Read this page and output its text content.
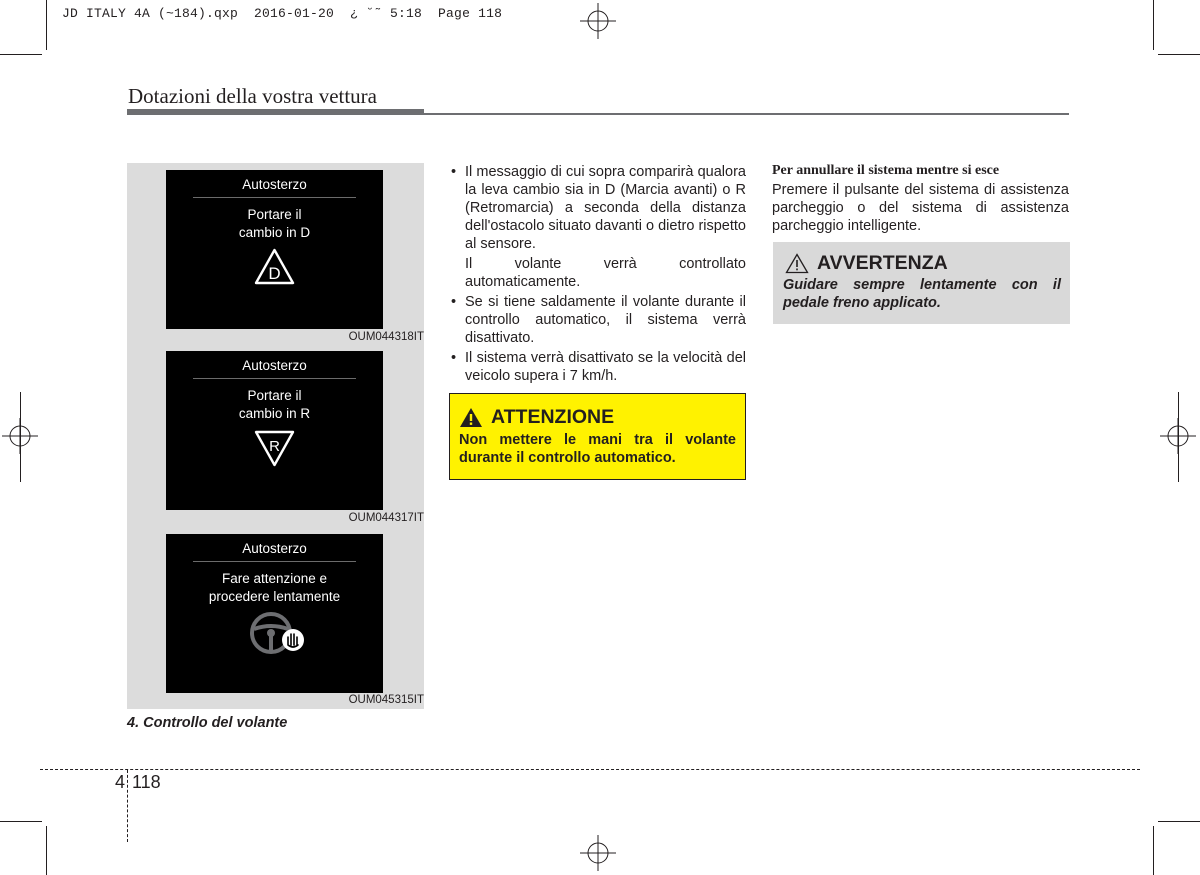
JD ITALY 4A (~184).qxp  2016-01-20  ¿ ˘˜ 5:18  Page 118
Dotazioni della vostra vettura
Autosterzo
Portare il
cambio in D
D
OUM044318IT
Autosterzo
Portare il
cambio in R
R
OUM044317IT
Autosterzo
Fare attenzione e
procedere lentamente
OUM045315IT
4. Controllo del volante
• Il messaggio di cui sopra comparirà qualora la leva cambio sia in D (Marcia avanti) o R (Retromarcia) a seconda della distanza dell'ostacolo situato davanti o dietro rispetto al sensore.
Il volante verrà controllato automaticamente.
• Se si tiene saldamente il volante durante il controllo automatico, il sistema verrà disattivato.
• Il sistema verrà disattivato se la velocità del veicolo supera i 7 km/h.
ATTENZIONE
Non mettere le mani tra il volante durante il controllo automatico.
Per annullare il sistema mentre si esce
Premere il pulsante del sistema di assistenza parcheggio o del sistema di assistenza parcheggio intelligente.
AVVERTENZA
Guidare sempre lentamente con il pedale freno applicato.
4 118
